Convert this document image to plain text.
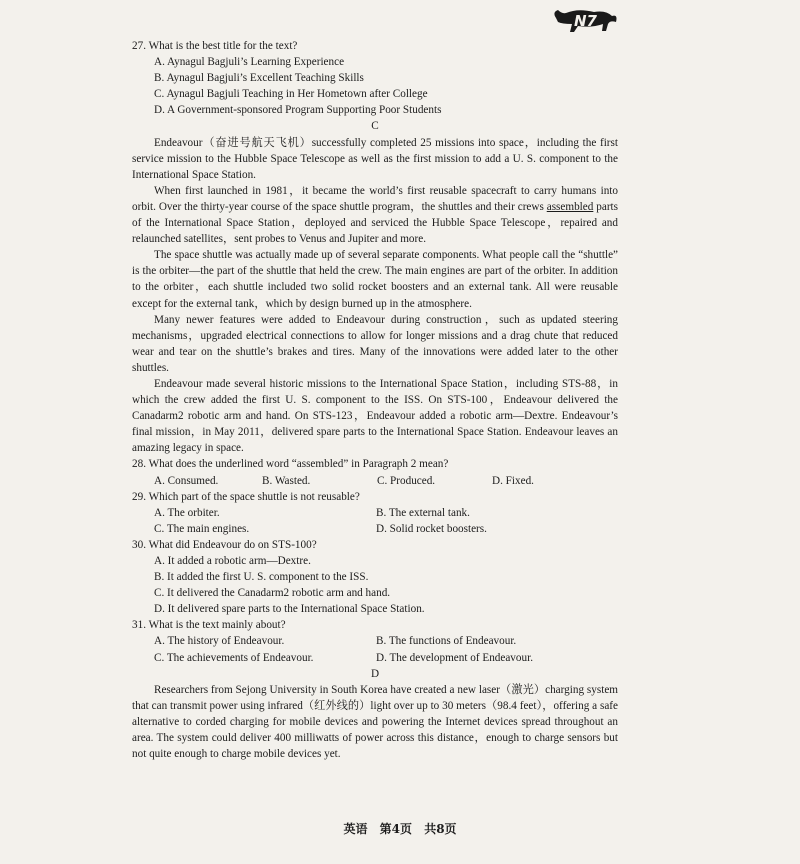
N7

27. What is the best title for the text?

A. Aynagul Bagjuli’s Learning Experience

B. Aynagul Bagjuli’s Excellent Teaching Skills

C. Aynagul Bagjuli Teaching in Her Hometown after College

D. A Government-sponsored Program Supporting Poor Students

C

Endeavour（奋进号航天飞机）successfully completed 25 missions into space，including the first service mission to the Hubble Space Telescope as well as the first mission to add a U. S. component to the International Space Station.

When first launched in 1981，it became the world’s first reusable spacecraft to carry humans into orbit. Over the thirty-year course of the space shuttle program，the shuttles and their crews assembled parts of the International Space Station，deployed and serviced the Hubble Space Telescope，repaired and relaunched satellites，sent probes to Venus and Jupiter and more.

The space shuttle was actually made up of several separate components. What people call the “shuttle” is the orbiter—the part of the shuttle that held the crew. The main engines are part of the orbiter. In addition to the orbiter，each shuttle included two solid rocket boosters and an external tank. All were reusable except for the external tank，which by design burned up in the atmosphere.

Many newer features were added to Endeavour during construction，such as updated steering mechanisms，upgraded electrical connections to allow for longer missions and a drag chute that reduced wear and tear on the shuttle’s brakes and tires. Many of the innovations were added later to the other shuttles.

Endeavour made several historic missions to the International Space Station，including STS-88，in which the crew added the first U. S. component to the ISS. On STS-100，Endeavour delivered the Canadarm2 robotic arm and hand. On STS-123，Endeavour added a robotic arm—Dextre. Endeavour’s final mission，in May 2011，delivered spare parts to the International Space Station. Endeavour leaves an amazing legacy in space.

28. What does the underlined word “assembled” in Paragraph 2 mean?

A. Consumed.	B. Wasted.	C. Produced.	D. Fixed.

29. Which part of the space shuttle is not reusable?

A. The orbiter.	B. The external tank.
C. The main engines.	D. Solid rocket boosters.

30. What did Endeavour do on STS-100?

A. It added a robotic arm—Dextre.

B. It added the first U. S. component to the ISS.

C. It delivered the Canadarm2 robotic arm and hand.

D. It delivered spare parts to the International Space Station.

31. What is the text mainly about?

A. The history of Endeavour.	B. The functions of Endeavour.
C. The achievements of Endeavour.	D. The development of Endeavour.

D

Researchers from Sejong University in South Korea have created a new laser（激光）charging system that can transmit power using infrared（红外线的）light over up to 30 meters（98.4 feet），offering a safe alternative to corded charging for mobile devices and powering the Internet devices spread throughout an area. The system could deliver 400 milliwatts of power across this distance，enough to charge sensors but not quite enough to charge mobile devices yet.

英语 第4页 共8页
